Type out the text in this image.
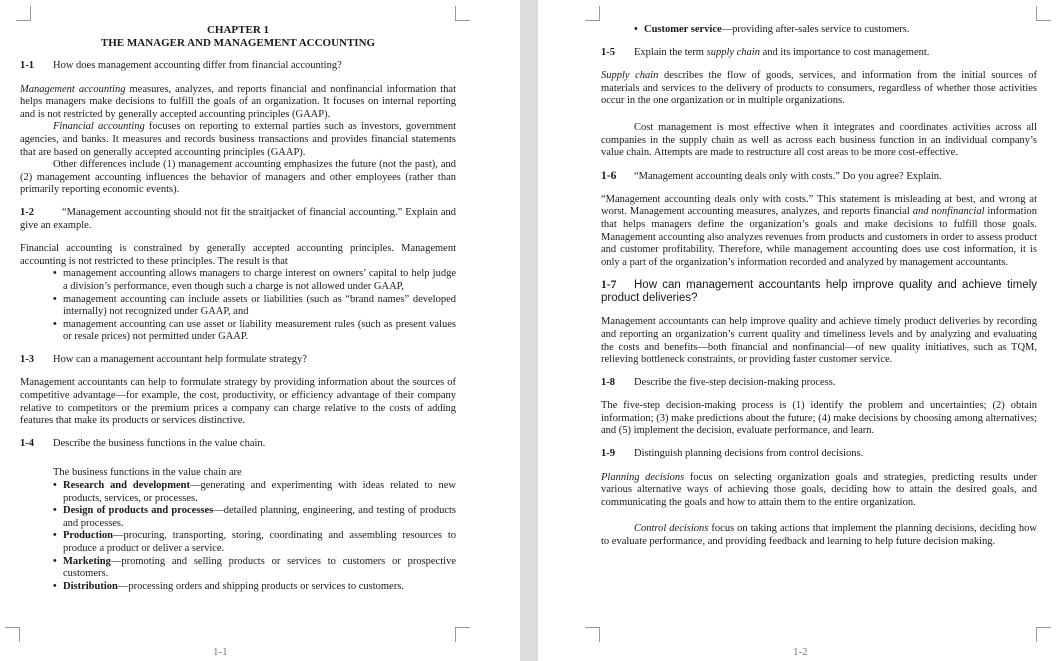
CHAPTER 1
THE MANAGER AND MANAGEMENT ACCOUNTING
1-1	How does management accounting differ from financial accounting?

Management accounting measures, analyzes, and reports financial and nonfinancial information that helps managers make decisions to fulfill the goals of an organization. It focuses on internal reporting and is not restricted by generally accepted accounting principles (GAAP).

Financial accounting focuses on reporting to external parties such as investors, government agencies, and banks. It measures and records business transactions and provides financial statements that are based on generally accepted accounting principles (GAAP).

Other differences include (1) management accounting emphasizes the future (not the past), and (2) management accounting influences the behavior of managers and other employees (rather than primarily reporting economic events).

1-2	“Management accounting should not fit the straitjacket of financial accounting.” Explain and give an example.

Financial accounting is constrained by generally accepted accounting principles. Management accounting is not restricted to these principles. The result is that

• management accounting allows managers to charge interest on owners’ capital to help judge a division’s performance, even though such a charge is not allowed under GAAP,
• management accounting can include assets or liabilities (such as “brand names” developed internally) not recognized under GAAP, and
• management accounting can use asset or liability measurement rules (such as present values or resale prices) not permitted under GAAP.
1-3	How can a management accountant help formulate strategy?

Management accountants can help to formulate strategy by providing information about the sources of competitive advantage—for example, the cost, productivity, or efficiency advantage of their company relative to competitors or the premium prices a company can charge relative to the costs of adding features that make its products or services distinctive.

1-4	Describe the business functions in the value chain.

The business functions in the value chain are

• Research and development—generating and experimenting with ideas related to new products, services, or processes.
• Design of products and processes—detailed planning, engineering, and testing of products and processes.
• Production—procuring, transporting, storing, coordinating and assembling resources to produce a product or deliver a service.
• Marketing—promoting and selling products or services to customers or prospective customers.
• Distribution—processing orders and shipping products or services to customers.
1-1
• Customer service—providing after-sales service to customers.
1-5	Explain the term supply chain and its importance to cost management.

Supply chain describes the flow of goods, services, and information from the initial sources of materials and services to the delivery of products to consumers, regardless of whether those activities occur in the one organization or in multiple organizations.

Cost management is most effective when it integrates and coordinates activities across all companies in the supply chain as well as across each business function in an individual company’s value chain. Attempts are made to restructure all cost areas to be more cost-effective.

1-6	“Management accounting deals only with costs.” Do you agree? Explain.

“Management accounting deals only with costs.” This statement is misleading at best, and wrong at worst. Management accounting measures, analyzes, and reports financial and nonfinancial information that helps managers define the organization’s goals and make decisions to fulfill those goals. Management accounting also analyzes revenues from products and customers in order to assess product and customer profitability. Therefore, while management accounting does use cost information, it is only a part of the organization’s information recorded and analyzed by management accountants.

1-7	How can management accountants help improve quality and achieve timely product deliveries?

Management accountants can help improve quality and achieve timely product deliveries by recording and reporting an organization’s current quality and timeliness levels and by analyzing and evaluating the costs and benefits—both financial and nonfinancial—of new quality initiatives, such as TQM, relieving bottleneck constraints, or providing faster customer service.

1-8	Describe the five-step decision-making process.

The five-step decision-making process is (1) identify the problem and uncertainties; (2) obtain information; (3) make predictions about the future; (4) make decisions by choosing among alternatives; and (5) implement the decision, evaluate performance, and learn.

1-9	Distinguish planning decisions from control decisions.

Planning decisions focus on selecting organization goals and strategies, predicting results under various alternative ways of achieving those goals, deciding how to attain the desired goals, and communicating the goals and how to attain them to the entire organization.

Control decisions focus on taking actions that implement the planning decisions, deciding how to evaluate performance, and providing feedback and learning to help future decision making.

1-2
